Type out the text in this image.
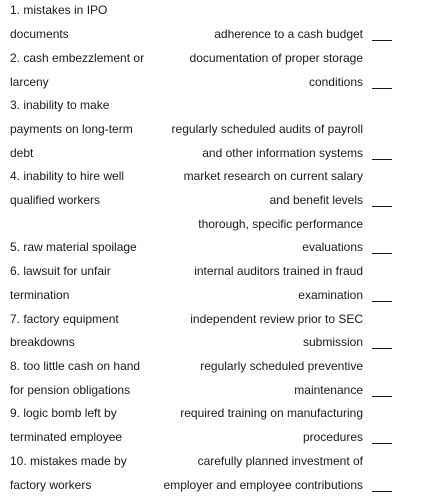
1. mistakes in IPO
documents
2. cash embezzlement or
larceny
3. inability to make
payments on long-term
debt
4. inability to hire well
qualified workers
5. raw material spoilage
6. lawsuit for unfair
termination
7. factory equipment
breakdowns
8. too little cash on hand
for pension obligations
9. logic bomb left by
terminated employee
10. mistakes made by
factory workers
adherence to a cash budget
documentation of proper storage
conditions
regularly scheduled audits of payroll
and other information systems
market research on current salary
and benefit levels
thorough, specific performance
evaluations
internal auditors trained in fraud
examination
independent review prior to SEC
submission
regularly scheduled preventive
maintenance
required training on manufacturing
procedures
carefully planned investment of
employer and employee contributions
